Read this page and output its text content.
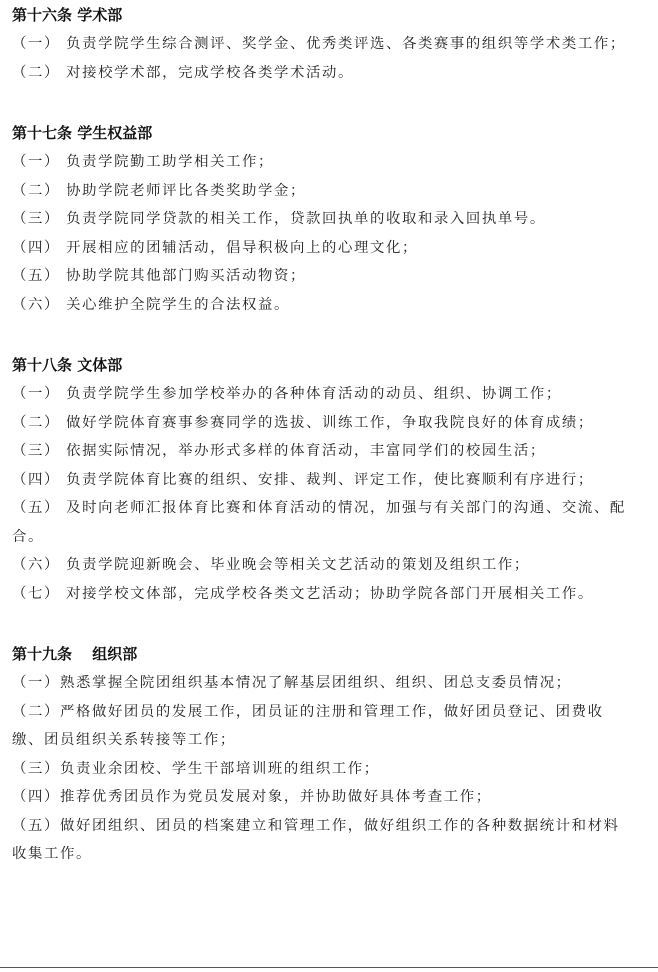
第十六条 学术部
（一） 负责学院学生综合测评、奖学金、优秀类评选、各类赛事的组织等学术类工作；
（二） 对接校学术部，完成学校各类学术活动。
第十七条 学生权益部
（一） 负责学院勤工助学相关工作；
（二） 协助学院老师评比各类奖助学金；
（三） 负责学院同学贷款的相关工作，贷款回执单的收取和录入回执单号。
（四） 开展相应的团辅活动，倡导积极向上的心理文化；
（五） 协助学院其他部门购买活动物资；
（六） 关心维护全院学生的合法权益。
第十八条 文体部
（一） 负责学院学生参加学校举办的各种体育活动的动员、组织、协调工作；
（二） 做好学院体育赛事参赛同学的选拔、训练工作，争取我院良好的体育成绩；
（三） 依据实际情况，举办形式多样的体育活动，丰富同学们的校园生活；
（四） 负责学院体育比赛的组织、安排、裁判、评定工作，使比赛顺利有序进行；
（五） 及时向老师汇报体育比赛和体育活动的情况，加强与有关部门的沟通、交流、配合。
（六） 负责学院迎新晚会、毕业晚会等相关文艺活动的策划及组织工作；
（七） 对接学校文体部，完成学校各类文艺活动；协助学院各部门开展相关工作。
第十九条　 组织部
（一）熟悉掌握全院团组织基本情况了解基层团组织、组织、团总支委员情况；
（二）严格做好团员的发展工作，团员证的注册和管理工作，做好团员登记、团费收缴、团员组织关系转接等工作；
（三）负责业余团校、学生干部培训班的组织工作；
（四）推荐优秀团员作为党员发展对象，并协助做好具体考查工作；
（五）做好团组织、团员的档案建立和管理工作，做好组织工作的各种数据统计和材料收集工作。
